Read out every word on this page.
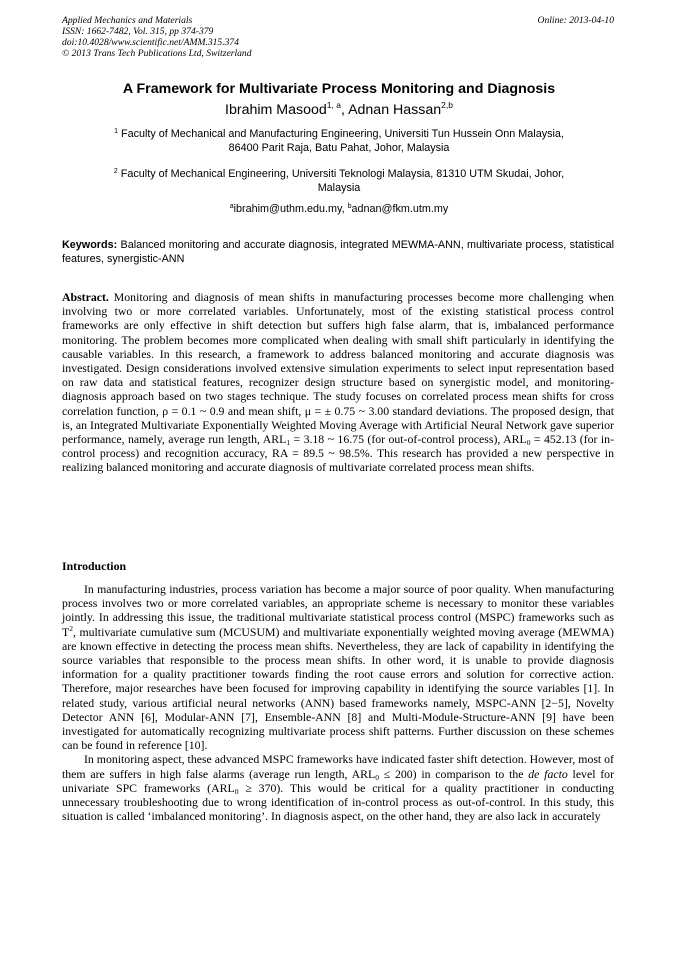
Applied Mechanics and Materials
ISSN: 1662-7482, Vol. 315, pp 374-379
doi:10.4028/www.scientific.net/AMM.315.374
© 2013 Trans Tech Publications Ltd, Switzerland
Online: 2013-04-10
A Framework for Multivariate Process Monitoring and Diagnosis
Ibrahim Masood$^{1, a}$, Adnan Hassan$^{2,b}$
$^1$ Faculty of Mechanical and Manufacturing Engineering, Universiti Tun Hussein Onn Malaysia,
86400 Parit Raja, Batu Pahat, Johor, Malaysia
$^2$ Faculty of Mechanical Engineering, Universiti Teknologi Malaysia, 81310 UTM Skudai, Johor,
Malaysia
$^a$ibrahim@uthm.edu.my, $^b$adnan@fkm.utm.my
Keywords: Balanced monitoring and accurate diagnosis, integrated MEWMA-ANN, multivariate process, statistical features, synergistic-ANN
Abstract. Monitoring and diagnosis of mean shifts in manufacturing processes become more challenging when involving two or more correlated variables. Unfortunately, most of the existing statistical process control frameworks are only effective in shift detection but suffers high false alarm, that is, imbalanced performance monitoring. The problem becomes more complicated when dealing with small shift particularly in identifying the causable variables. In this research, a framework to address balanced monitoring and accurate diagnosis was investigated. Design considerations involved extensive simulation experiments to select input representation based on raw data and statistical features, recognizer design structure based on synergistic model, and monitoring-diagnosis approach based on two stages technique. The study focuses on correlated process mean shifts for cross correlation function, ρ = 0.1 ~ 0.9 and mean shift, μ = ± 0.75 ~ 3.00 standard deviations. The proposed design, that is, an Integrated Multivariate Exponentially Weighted Moving Average with Artificial Neural Network gave superior performance, namely, average run length, $ARL_1 = 3.18$ ~ 16.75 (for out-of-control process), $ARL_0 = 452.13$ (for in-control process) and recognition accuracy, RA = 89.5 ~ 98.5%. This research has provided a new perspective in realizing balanced monitoring and accurate diagnosis of multivariate correlated process mean shifts.
Introduction

In manufacturing industries, process variation has become a major source of poor quality. When manufacturing process involves two or more correlated variables, an appropriate scheme is necessary to monitor these variables jointly. In addressing this issue, the traditional multivariate statistical process control (MSPC) frameworks such as $T^2$, multivariate cumulative sum (MCUSUM) and multivariate exponentially weighted moving average (MEWMA) are known effective in detecting the process mean shifts. Nevertheless, they are lack of capability in identifying the source variables that responsible to the process mean shifts. In other word, it is unable to provide diagnosis information for a quality practitioner towards finding the root cause errors and solution for corrective action. Therefore, major researches have been focused for improving capability in identifying the source variables [1]. In related study, various artificial neural networks (ANN) based frameworks namely, MSPC-ANN [2−5], Novelty Detector ANN [6], Modular-ANN [7], Ensemble-ANN [8] and Multi-Module-Structure-ANN [9] have been investigated for automatically recognizing multivariate process shift patterns. Further discussion on these schemes can be found in reference [10].

In monitoring aspect, these advanced MSPC frameworks have indicated faster shift detection. However, most of them are suffers in high false alarms (average run length, $ARL_0 \le 200$) in comparison to the de facto level for univariate SPC frameworks $(ARL_0 \ge 370)$. This would be critical for a quality practitioner in conducting unnecessary troubleshooting due to wrong identification of in-control process as out-of-control. In this study, this situation is called ‘imbalanced monitoring’. In diagnosis aspect, on the other hand, they are also lack in accurately
